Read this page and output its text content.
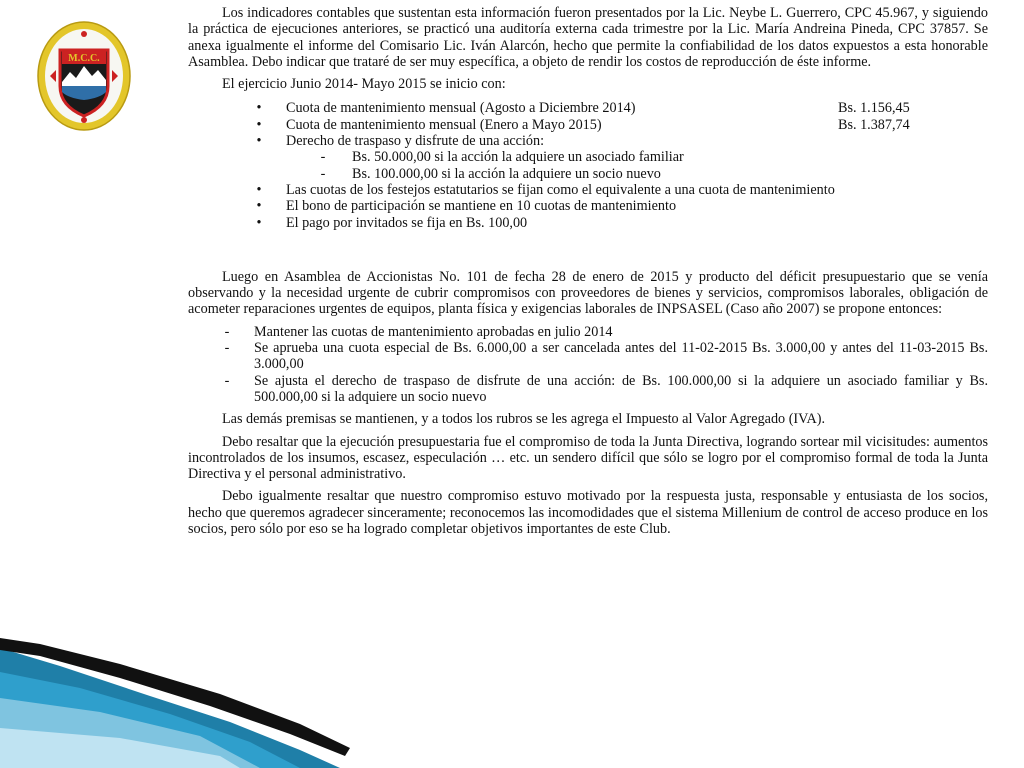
M.C.C.

Los indicadores contables que sustentan esta información fueron presentados por la Lic. Neybe L. Guerrero, CPC 45.967, y siguiendo la práctica de ejecuciones anteriores, se practicó una auditoría externa cada trimestre por la Lic. María Andreina Pineda, CPC 37857. Se anexa igualmente el informe del Comisario Lic. Iván Alarcón, hecho que permite la confiabilidad de los datos expuestos a esta honorable Asamblea. Debo indicar que trataré de ser muy específica, a objeto de rendir los costos de reproducción de éste informe.

El ejercicio Junio 2014- Mayo 2015 se inicio con:

• Cuota de mantenimiento mensual (Agosto a Diciembre 2014)	Bs. 1.156,45
• Cuota de mantenimiento mensual (Enero a Mayo 2015)	Bs. 1.387,74
• Derecho de traspaso y disfrute de una acción:
- Bs. 50.000,00 si la acción la adquiere un asociado familiar
- Bs. 100.000,00 si la acción la adquiere un socio nuevo
• Las cuotas de los festejos estatutarios se fijan como el equivalente a una cuota de mantenimiento
• El bono de participación se mantiene en 10 cuotas de mantenimiento
• El pago por invitados se fija en Bs. 100,00

Luego en Asamblea de Accionistas No. 101 de fecha 28 de enero de 2015 y producto del déficit presupuestario que se venía observando y la necesidad urgente de cubrir compromisos con proveedores de bienes y servicios, compromisos laborales, obligación de acometer reparaciones urgentes de equipos, planta física y exigencias laborales de INPSASEL (Caso año 2007) se propone entonces:

- Mantener las cuotas de mantenimiento aprobadas en julio 2014
- Se aprueba una cuota especial de Bs. 6.000,00 a ser cancelada antes del 11-02-2015 Bs. 3.000,00 y antes del 11-03-2015 Bs. 3.000,00
- Se ajusta el derecho de traspaso de disfrute de una acción: de Bs. 100.000,00 si la adquiere un asociado familiar y Bs. 500.000,00 si la adquiere un socio nuevo

Las demás premisas se mantienen, y a todos los rubros se les agrega el Impuesto al Valor Agregado (IVA).

Debo resaltar que la ejecución presupuestaria fue el compromiso de toda la Junta Directiva, logrando sortear mil vicisitudes: aumentos incontrolados de los insumos, escasez, especulación … etc. un sendero difícil que sólo se logro por el compromiso formal de toda la Junta Directiva y el personal administrativo.

Debo igualmente resaltar que nuestro compromiso estuvo motivado por la respuesta justa, responsable y entusiasta de los socios, hecho que queremos agradecer sinceramente; reconocemos las incomodidades que el sistema Millenium de control de acceso produce en los socios, pero sólo por eso se ha logrado completar objetivos importantes de este Club.
